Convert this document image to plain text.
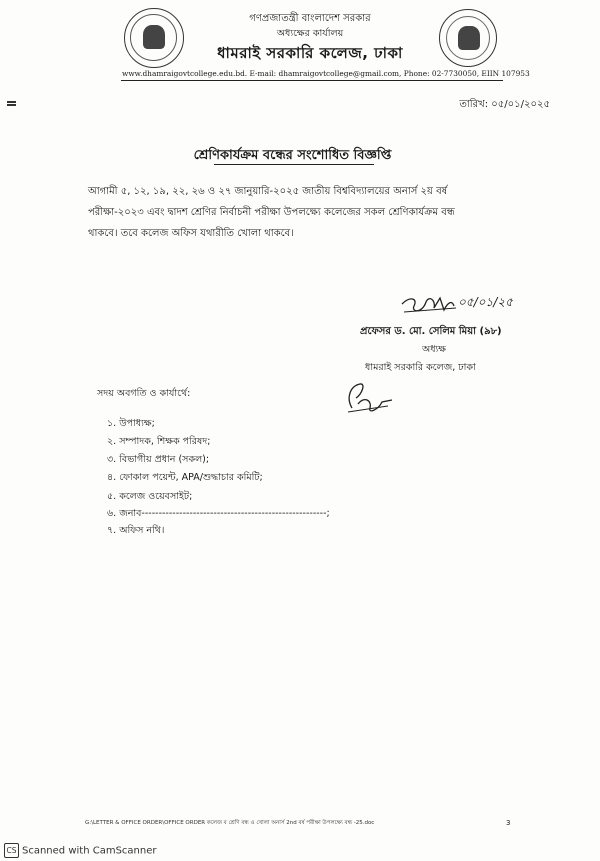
গণপ্রজাতন্ত্রী বাংলাদেশ সরকার
অধ্যক্ষের কার্যালয়
ধামরাই সরকারি কলেজ, ঢাকা
www.dhamraigovtcollege.edu.bd. E-mail: dhamraigovtcollege@gmail.com, Phone: 02-7730050, EIIN 107953
তারিখ: ০৫/০১/২০২৫
শ্রেণিকার্যক্রম বন্ধের সংশোধিত বিজ্ঞপ্তি
আগামী ৫, ১২, ১৯, ২২, ২৬ ও ২৭ জানুয়ারি-২০২৫ জাতীয় বিশ্ববিদ্যালয়ের অনার্স ২য় বর্ষ
পরীক্ষা-২০২৩ এবং দ্বাদশ শ্রেণির নির্বাচনী পরীক্ষা উপলক্ষ্যে কলেজের সকল শ্রেণিকার্যক্রম বন্ধ
থাকবে। তবে কলেজ অফিস যথারীতি খোলা থাকবে।
০৫/০১/২৫
প্রফেসর ড. মো. সেলিম মিয়া (৯৮)
অধ্যক্ষ
ধামরাই সরকারি কলেজ, ঢাকা
সদয় অবগতি ও কার্যার্থে:
১. উপাধ্যক্ষ;
২. সম্পাদক, শিক্ষক পরিষদ;
৩. বিভাগীয় প্রধান (সকল);
৪. ফোকাল পয়েন্ট, APA/শুদ্ধাচার কমিটি;
৫. কলেজ ওয়েবসাইট;
৬. জনাব------------------------------------------------------;
৭. অফিস নথি।
G:\LETTER & OFFICE ORDER\OFFICE ORDER কলেজ ব শ্রেণি বন্ধ ও খোলা অনার্স 2nd বর্ষ পরীক্ষা উপলক্ষ্যে বন্ধ -25.doc	3
CS Scanned with CamScanner
